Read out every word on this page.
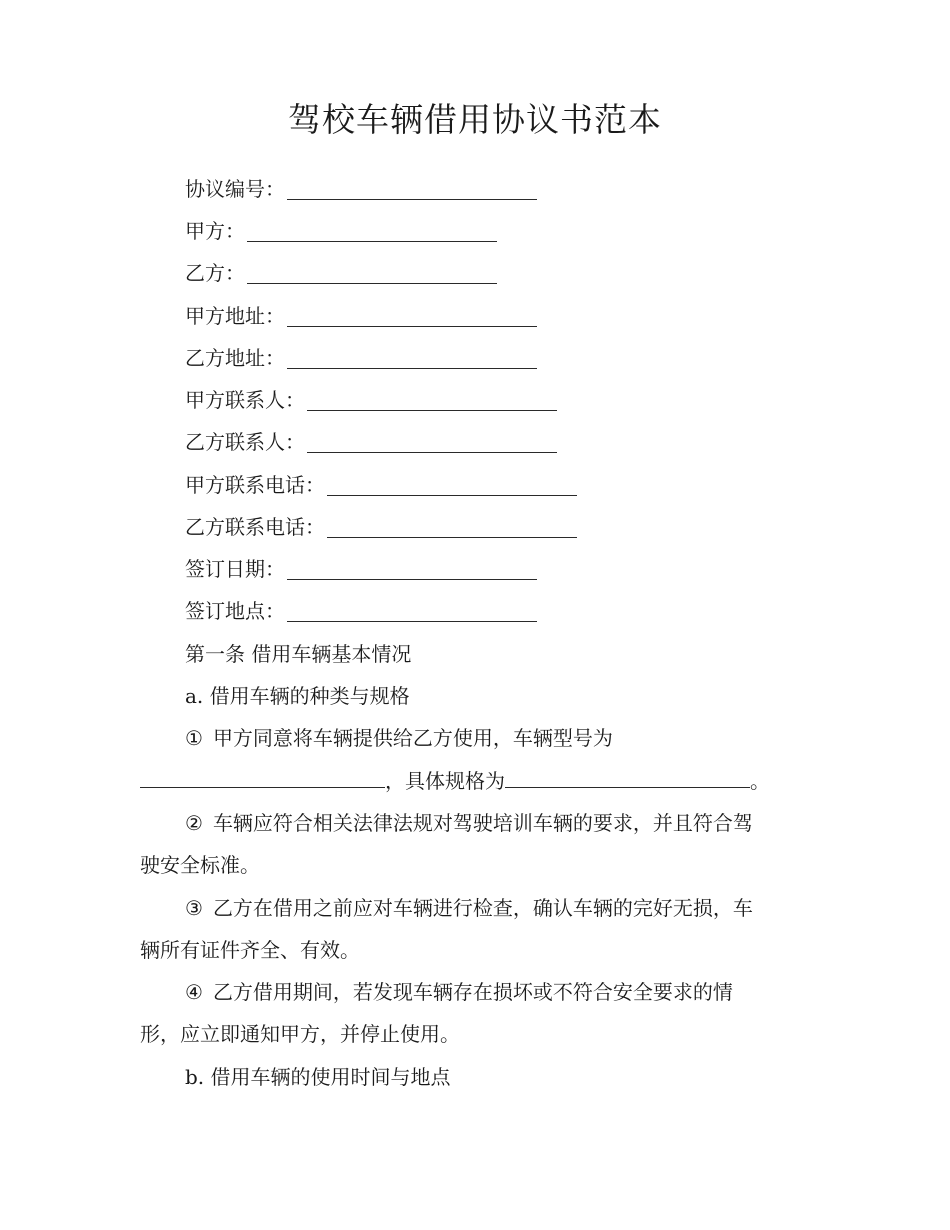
驾校车辆借用协议书范本
协议编号：
甲方：
乙方：
甲方地址：
乙方地址：
甲方联系人：
乙方联系人：
甲方联系电话：
乙方联系电话：
签订日期：
签订地点：
第一条 借用车辆基本情况
a. 借用车辆的种类与规格
① 甲方同意将车辆提供给乙方使用，车辆型号为
，具体规格为	。
② 车辆应符合相关法律法规对驾驶培训车辆的要求，并且符合驾
驶安全标准。
③ 乙方在借用之前应对车辆进行检查，确认车辆的完好无损，车
辆所有证件齐全、有效。
④ 乙方借用期间，若发现车辆存在损坏或不符合安全要求的情
形，应立即通知甲方，并停止使用。
b. 借用车辆的使用时间与地点
